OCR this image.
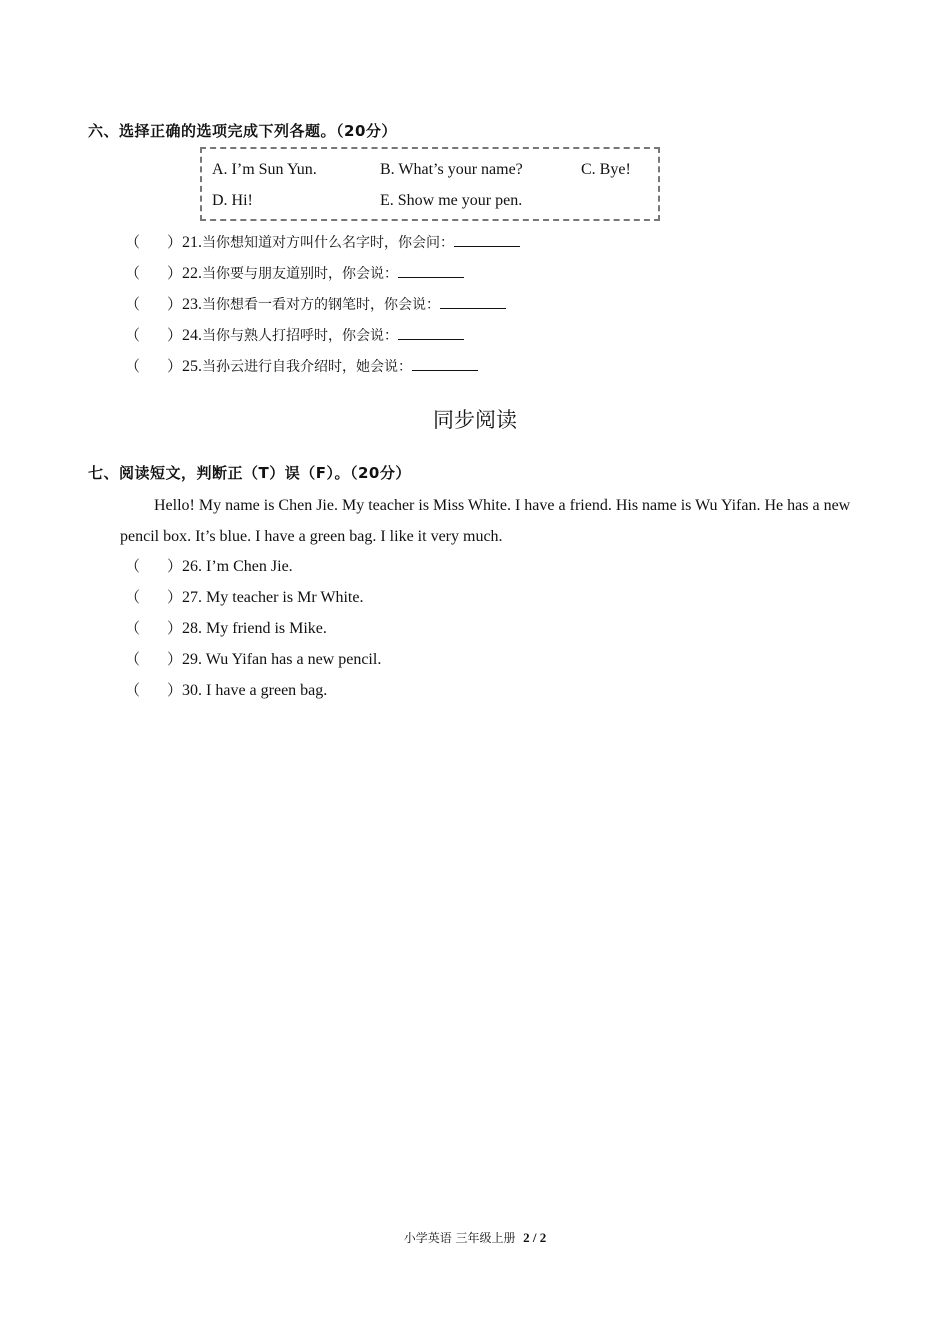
六、选择正确的选项完成下列各题。（20分）
A. I’m Sun Yun.	B. What’s your name?	C. Bye!
D. Hi!	E. Show me your pen.
（ ）21.当你想知道对方叫什么名字时，你会问：
（ ）22.当你要与朋友道别时，你会说：
（ ）23.当你想看一看对方的钢笔时，你会说：
（ ）24.当你与熟人打招呼时，你会说：
（ ）25.当孙云进行自我介绍时，她会说：
同步阅读
七、阅读短文，判断正（T）误（F）。（20分）
Hello! My name is Chen Jie. My teacher is Miss White. I have a friend. His name is Wu Yifan. He has a new pencil box. It’s blue. I have a green bag. I like it very much.
（ ）26. I’m Chen Jie.
（ ）27. My teacher is Mr White.
（ ）28. My friend is Mike.
（ ）29. Wu Yifan has a new pencil.
（ ）30. I have a green bag.
小学英语 三年级上册 2 / 2
